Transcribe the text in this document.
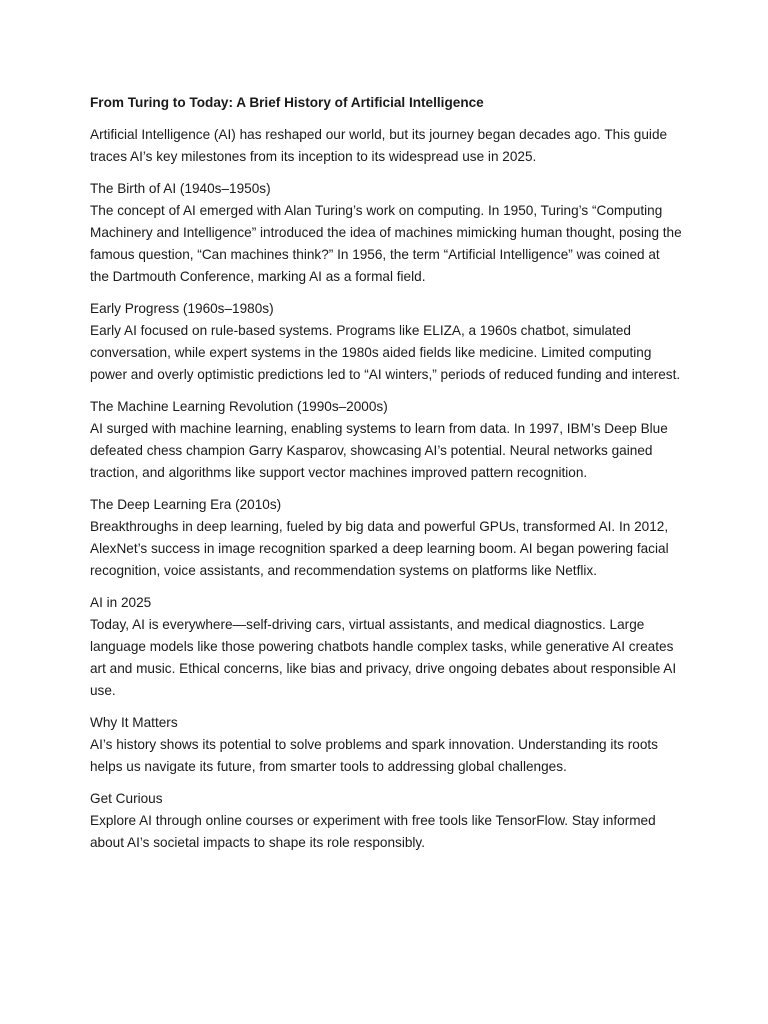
From Turing to Today: A Brief History of Artificial Intelligence

Artificial Intelligence (AI) has reshaped our world, but its journey began decades ago. This guide traces AI’s key milestones from its inception to its widespread use in 2025.

The Birth of AI (1940s–1950s)

The concept of AI emerged with Alan Turing’s work on computing. In 1950, Turing’s “Computing Machinery and Intelligence” introduced the idea of machines mimicking human thought, posing the famous question, “Can machines think?” In 1956, the term “Artificial Intelligence” was coined at the Dartmouth Conference, marking AI as a formal field.

Early Progress (1960s–1980s)

Early AI focused on rule-based systems. Programs like ELIZA, a 1960s chatbot, simulated conversation, while expert systems in the 1980s aided fields like medicine. Limited computing power and overly optimistic predictions led to “AI winters,” periods of reduced funding and interest.

The Machine Learning Revolution (1990s–2000s)

AI surged with machine learning, enabling systems to learn from data. In 1997, IBM’s Deep Blue defeated chess champion Garry Kasparov, showcasing AI’s potential. Neural networks gained traction, and algorithms like support vector machines improved pattern recognition.

The Deep Learning Era (2010s)

Breakthroughs in deep learning, fueled by big data and powerful GPUs, transformed AI. In 2012, AlexNet’s success in image recognition sparked a deep learning boom. AI began powering facial recognition, voice assistants, and recommendation systems on platforms like Netflix.

AI in 2025

Today, AI is everywhere—self-driving cars, virtual assistants, and medical diagnostics. Large language models like those powering chatbots handle complex tasks, while generative AI creates art and music. Ethical concerns, like bias and privacy, drive ongoing debates about responsible AI use.

Why It Matters

AI’s history shows its potential to solve problems and spark innovation. Understanding its roots helps us navigate its future, from smarter tools to addressing global challenges.

Get Curious

Explore AI through online courses or experiment with free tools like TensorFlow. Stay informed about AI’s societal impacts to shape its role responsibly.
